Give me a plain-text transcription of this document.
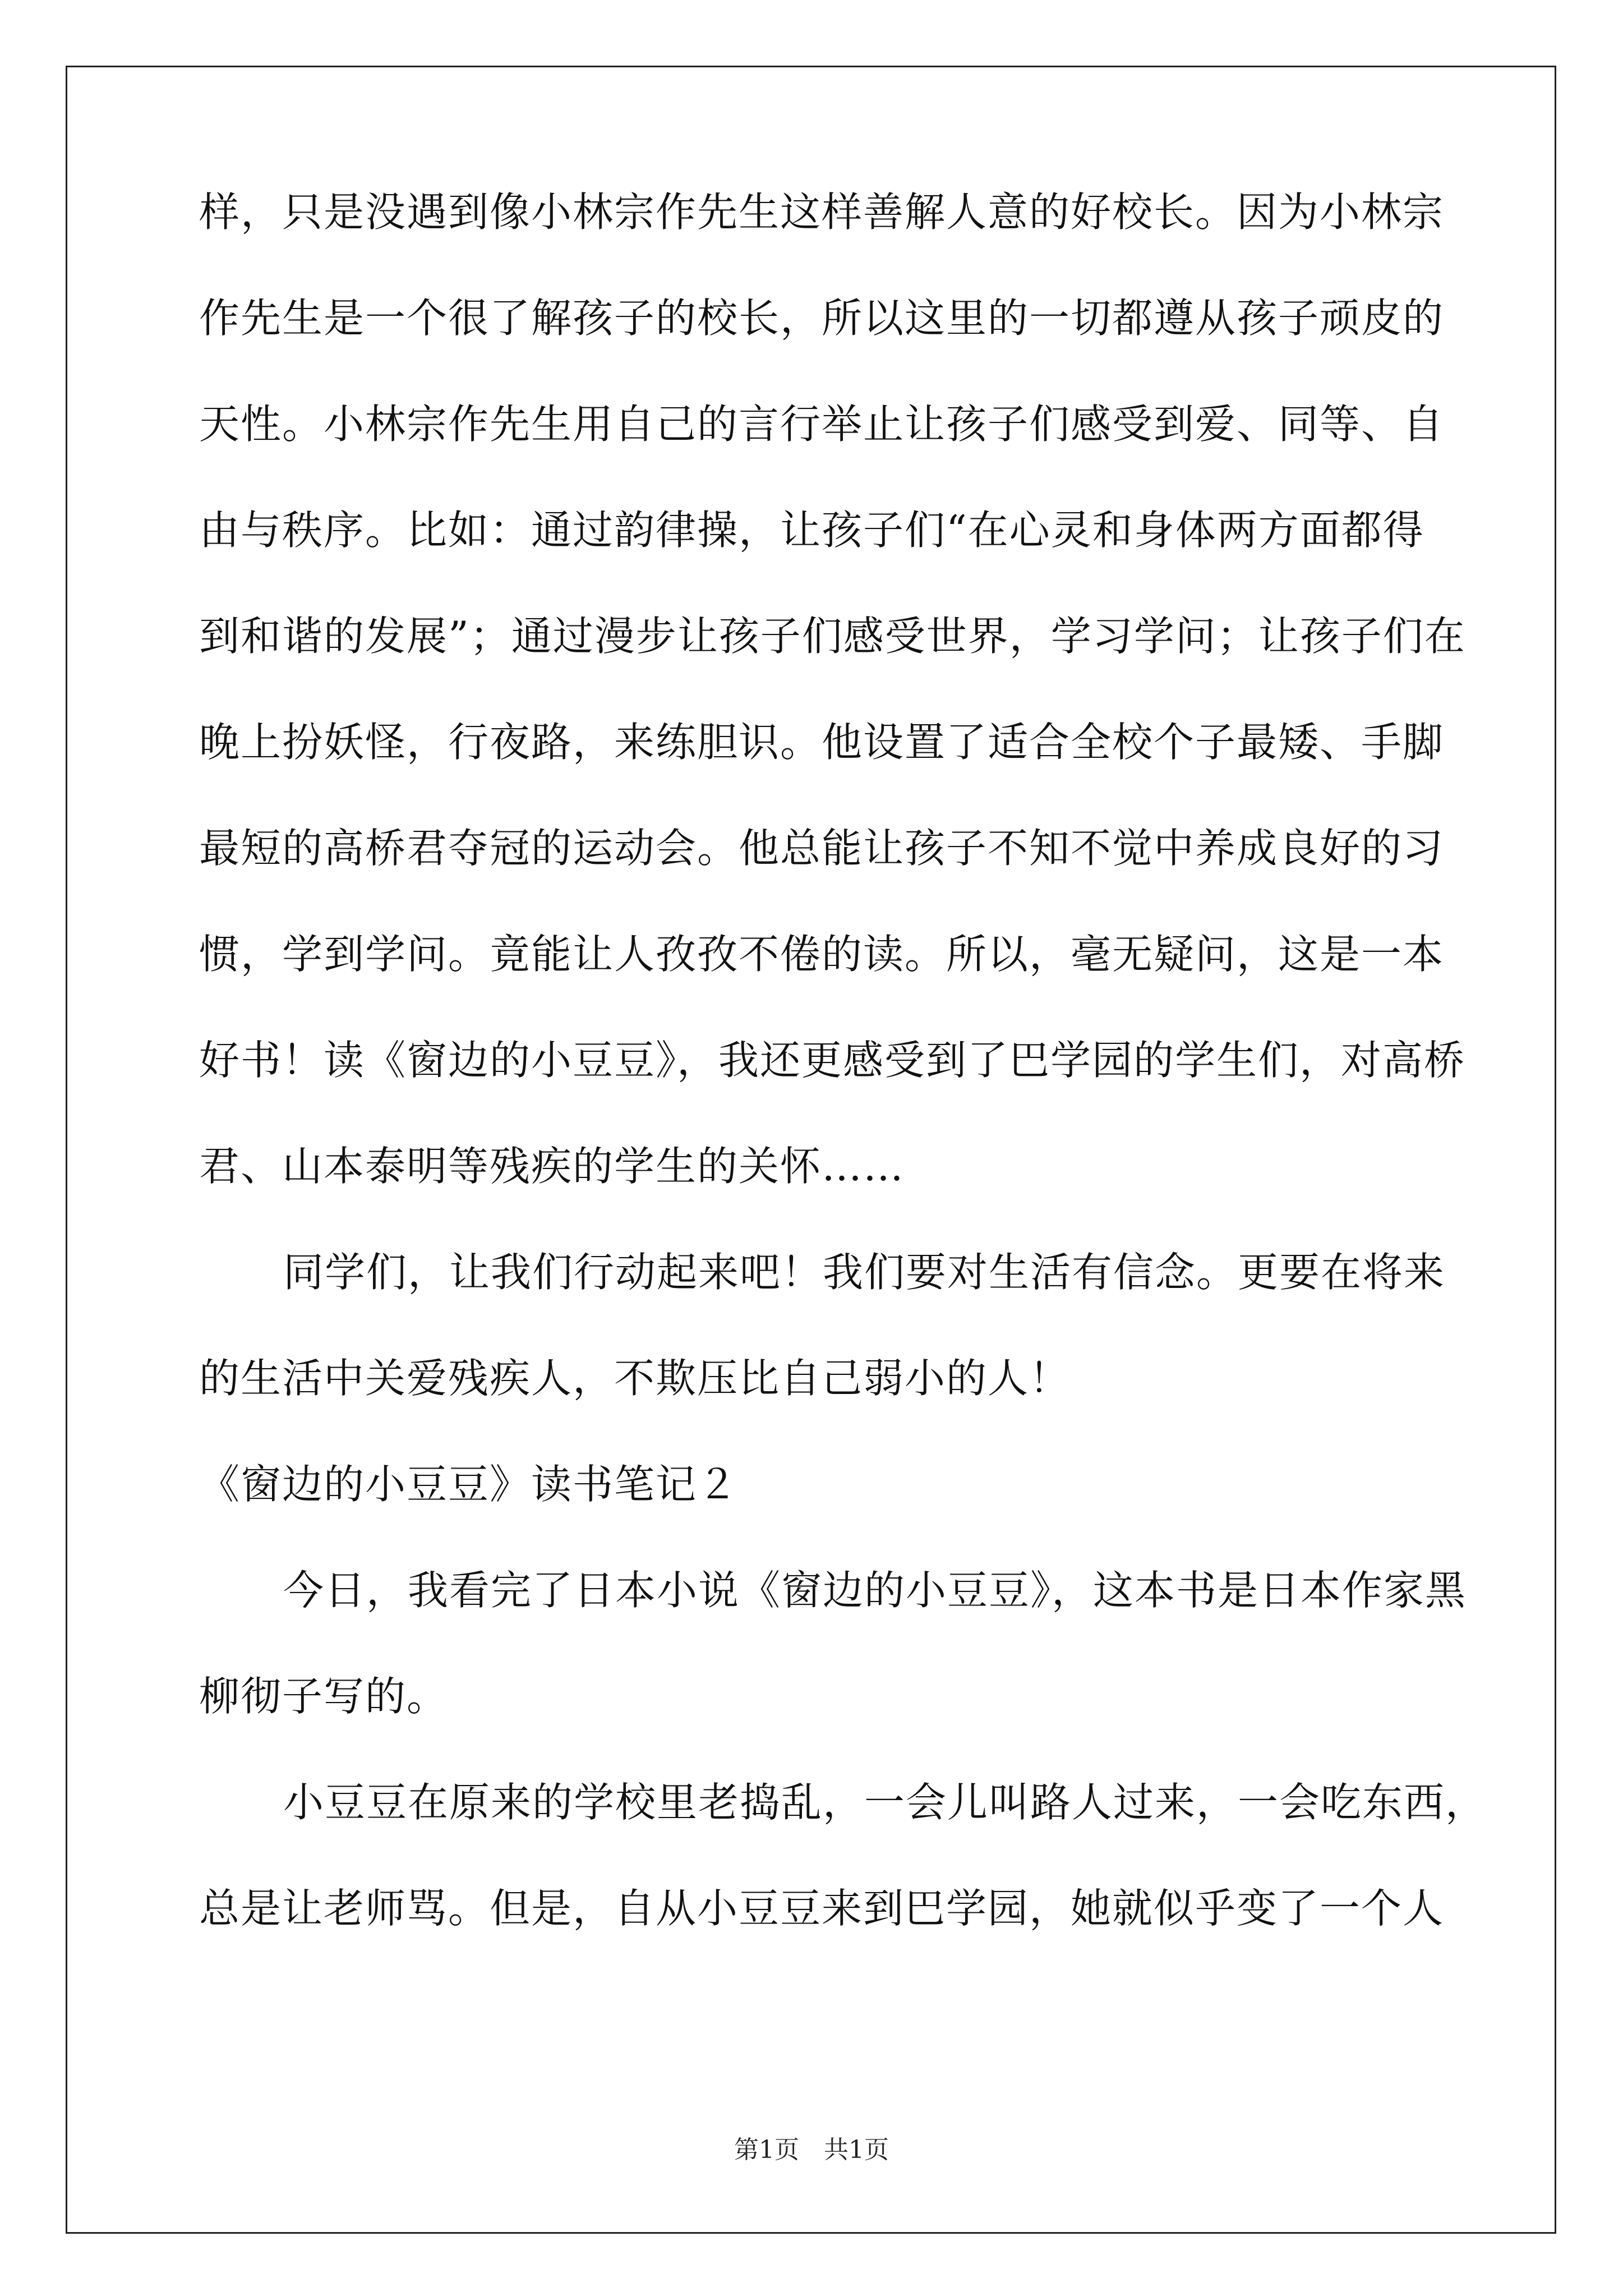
样，只是没遇到像小林宗作先生这样善解人意的好校长。因为小林宗
作先生是一个很了解孩子的校长，所以这里的一切都遵从孩子顽皮的
天性。小林宗作先生用自己的言行举止让孩子们感受到爱、同等、自
由与秩序。比如：通过韵律操，让孩子们“在心灵和身体两方面都得
到和谐的发展”；通过漫步让孩子们感受世界，学习学问；让孩子们在
晚上扮妖怪，行夜路，来练胆识。他设置了适合全校个子最矮、手脚
最短的高桥君夺冠的运动会。他总能让孩子不知不觉中养成良好的习
惯，学到学问。竟能让人孜孜不倦的读。所以，毫无疑问，这是一本
好书！读《窗边的小豆豆》，我还更感受到了巴学园的学生们，对高桥
君、山本泰明等残疾的学生的关怀……
同学们，让我们行动起来吧！我们要对生活有信念。更要在将来
的生活中关爱残疾人，不欺压比自己弱小的人！
《窗边的小豆豆》读书笔记２
今日，我看完了日本小说《窗边的小豆豆》，这本书是日本作家黑
柳彻子写的。
小豆豆在原来的学校里老捣乱，一会儿叫路人过来，一会吃东西，
总是让老师骂。但是，自从小豆豆来到巴学园，她就似乎变了一个人
第1页　共1页
